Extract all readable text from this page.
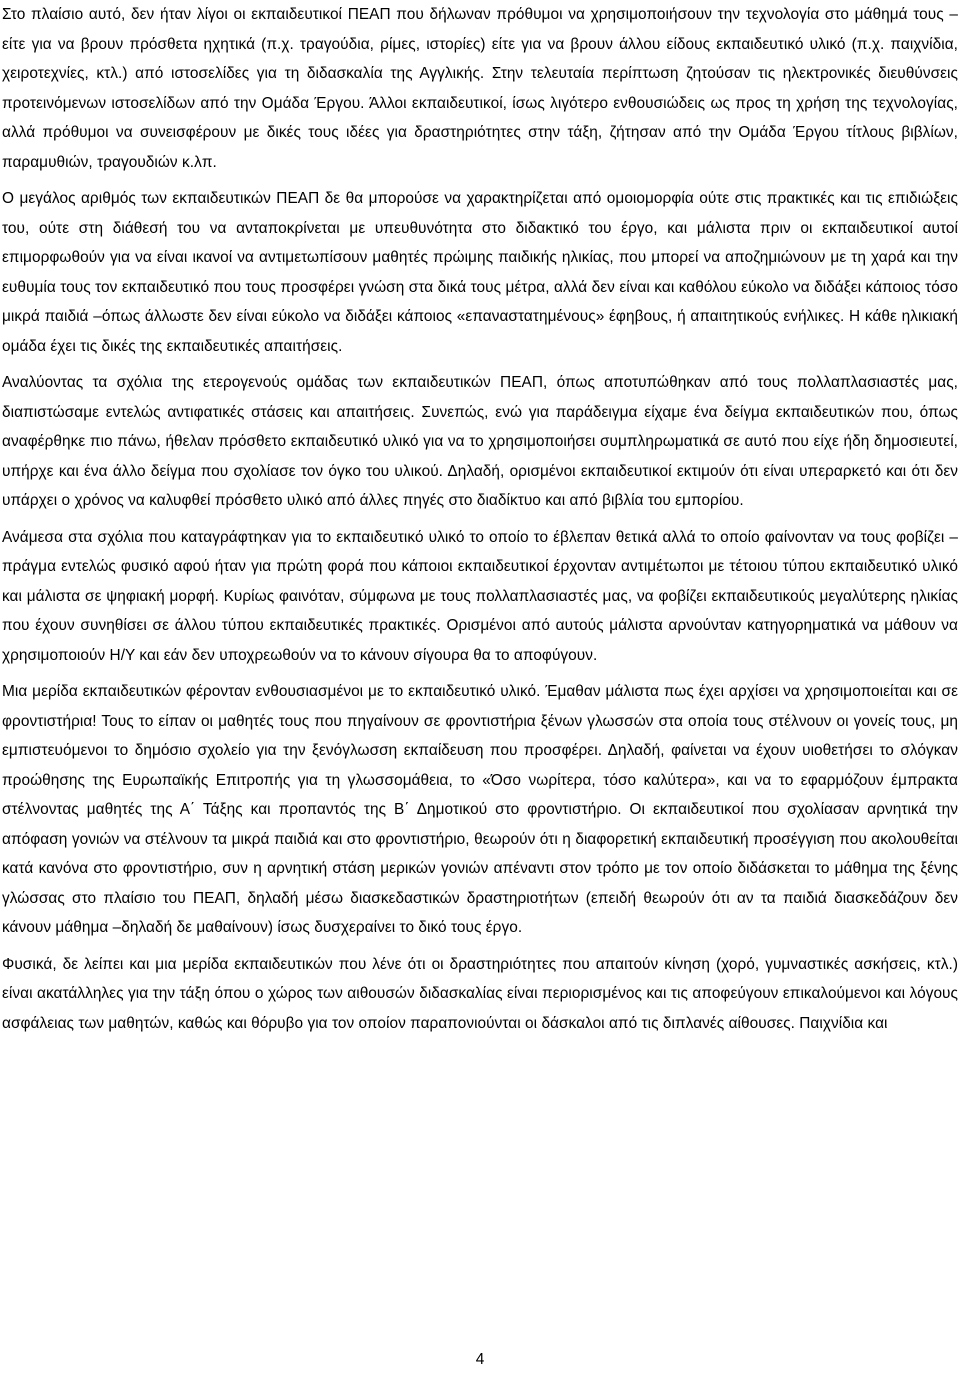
Στο πλαίσιο αυτό, δεν ήταν λίγοι οι εκπαιδευτικοί ΠΕΑΠ που δήλωναν πρόθυμοι να χρησιμοποιήσουν την τεχνολογία στο μάθημά τους – είτε για να βρουν πρόσθετα ηχητικά (π.χ. τραγούδια, ρίμες, ιστορίες) είτε για να βρουν άλλου είδους εκπαιδευτικό υλικό (π.χ. παιχνίδια, χειροτεχνίες, κτλ.) από ιστοσελίδες για τη διδασκαλία της Αγγλικής. Στην τελευταία περίπτωση ζητούσαν τις ηλεκτρονικές διευθύνσεις προτεινόμενων ιστοσελίδων από την Ομάδα Έργου. Άλλοι εκπαιδευτικοί, ίσως λιγότερο ενθουσιώδεις ως προς τη χρήση της τεχνολογίας, αλλά πρόθυμοι να συνεισφέρουν με δικές τους ιδέες για δραστηριότητες στην τάξη, ζήτησαν από την Ομάδα Έργου τίτλους βιβλίων, παραμυθιών, τραγουδιών κ.λπ.

Ο μεγάλος αριθμός των εκπαιδευτικών ΠΕΑΠ δε θα μπορούσε να χαρακτηρίζεται από ομοιομορφία ούτε στις πρακτικές και τις επιδιώξεις του, ούτε στη διάθεσή του να ανταποκρίνεται με υπευθυνότητα στο διδακτικό του έργο, και μάλιστα πριν οι εκπαιδευτικοί αυτοί επιμορφωθούν για να είναι ικανοί να αντιμετωπίσουν μαθητές πρώιμης παιδικής ηλικίας, που μπορεί να αποζημιώνουν με τη χαρά και την ευθυμία τους τον εκπαιδευτικό που τους προσφέρει γνώση στα δικά τους μέτρα, αλλά δεν είναι και καθόλου εύκολο να διδάξει κάποιος τόσο μικρά παιδιά –όπως άλλωστε δεν είναι εύκολο να διδάξει κάποιος «επαναστατημένους» έφηβους, ή απαιτητικούς ενήλικες. Η κάθε ηλικιακή ομάδα έχει τις δικές της εκπαιδευτικές απαιτήσεις.

Αναλύοντας τα σχόλια της ετερογενούς ομάδας των εκπαιδευτικών ΠΕΑΠ, όπως αποτυπώθηκαν από τους πολλαπλασιαστές μας, διαπιστώσαμε εντελώς αντιφατικές στάσεις και απαιτήσεις. Συνεπώς, ενώ για παράδειγμα είχαμε ένα δείγμα εκπαιδευτικών που, όπως αναφέρθηκε πιο πάνω, ήθελαν πρόσθετο εκπαιδευτικό υλικό για να το χρησιμοποιήσει συμπληρωματικά σε αυτό που είχε ήδη δημοσιευτεί, υπήρχε και ένα άλλο δείγμα που σχολίασε τον όγκο του υλικού. Δηλαδή, ορισμένοι εκπαιδευτικοί εκτιμούν ότι είναι υπεραρκετό και ότι δεν υπάρχει ο χρόνος να καλυφθεί πρόσθετο υλικό από άλλες πηγές στο διαδίκτυο και από βιβλία του εμπορίου.

Ανάμεσα στα σχόλια που καταγράφτηκαν για το εκπαιδευτικό υλικό το οποίο το έβλεπαν θετικά αλλά το οποίο φαίνονταν να τους φοβίζει –πράγμα εντελώς φυσικό αφού ήταν για πρώτη φορά που κάποιοι εκπαιδευτικοί έρχονταν αντιμέτωποι με τέτοιου τύπου εκπαιδευτικό υλικό και μάλιστα σε ψηφιακή μορφή. Κυρίως φαινόταν, σύμφωνα με τους πολλαπλασιαστές μας, να φοβίζει εκπαιδευτικούς μεγαλύτερης ηλικίας που έχουν συνηθίσει σε άλλου τύπου εκπαιδευτικές πρακτικές. Ορισμένοι από αυτούς μάλιστα αρνούνταν κατηγορηματικά να μάθουν να χρησιμοποιούν Η/Υ και εάν δεν υποχρεωθούν να το κάνουν σίγουρα θα το αποφύγουν.

Μια μερίδα εκπαιδευτικών φέρονταν ενθουσιασμένοι με το εκπαιδευτικό υλικό. Έμαθαν μάλιστα πως έχει αρχίσει να χρησιμοποιείται και σε φροντιστήρια! Τους το είπαν οι μαθητές τους που πηγαίνουν σε φροντιστήρια ξένων γλωσσών στα οποία τους στέλνουν οι γονείς τους, μη εμπιστευόμενοι το δημόσιο σχολείο για την ξενόγλωσση εκπαίδευση που προσφέρει. Δηλαδή, φαίνεται να έχουν υιοθετήσει το σλόγκαν προώθησης της Ευρωπαϊκής Επιτροπής για τη γλωσσομάθεια, το «Όσο νωρίτερα, τόσο καλύτερα», και να το εφαρμόζουν έμπρακτα στέλνοντας μαθητές της Α΄ Τάξης και προπαντός της Β΄ Δημοτικού στο φροντιστήριο. Οι εκπαιδευτικοί που σχολίασαν αρνητικά την απόφαση γονιών να στέλνουν τα μικρά παιδιά και στο φροντιστήριο, θεωρούν ότι η διαφορετική εκπαιδευτική προσέγγιση που ακολουθείται κατά κανόνα στο φροντιστήριο, συν η αρνητική στάση μερικών γονιών απέναντι στον τρόπο με τον οποίο διδάσκεται το μάθημα της ξένης γλώσσας στο πλαίσιο του ΠΕΑΠ, δηλαδή μέσω διασκεδαστικών δραστηριοτήτων (επειδή θεωρούν ότι αν τα παιδιά διασκεδάζουν δεν κάνουν μάθημα –δηλαδή δε μαθαίνουν) ίσως δυσχεραίνει το δικό τους έργο.

Φυσικά, δε λείπει και μια μερίδα εκπαιδευτικών που λένε ότι οι δραστηριότητες που απαιτούν κίνηση (χορό, γυμναστικές ασκήσεις, κτλ.) είναι ακατάλληλες για την τάξη όπου ο χώρος των αιθουσών διδασκαλίας είναι περιορισμένος και τις αποφεύγουν επικαλούμενοι και λόγους ασφάλειας των μαθητών, καθώς και θόρυβο για τον οποίον παραπονιούνται οι δάσκαλοι από τις διπλανές αίθουσες. Παιχνίδια και

4
